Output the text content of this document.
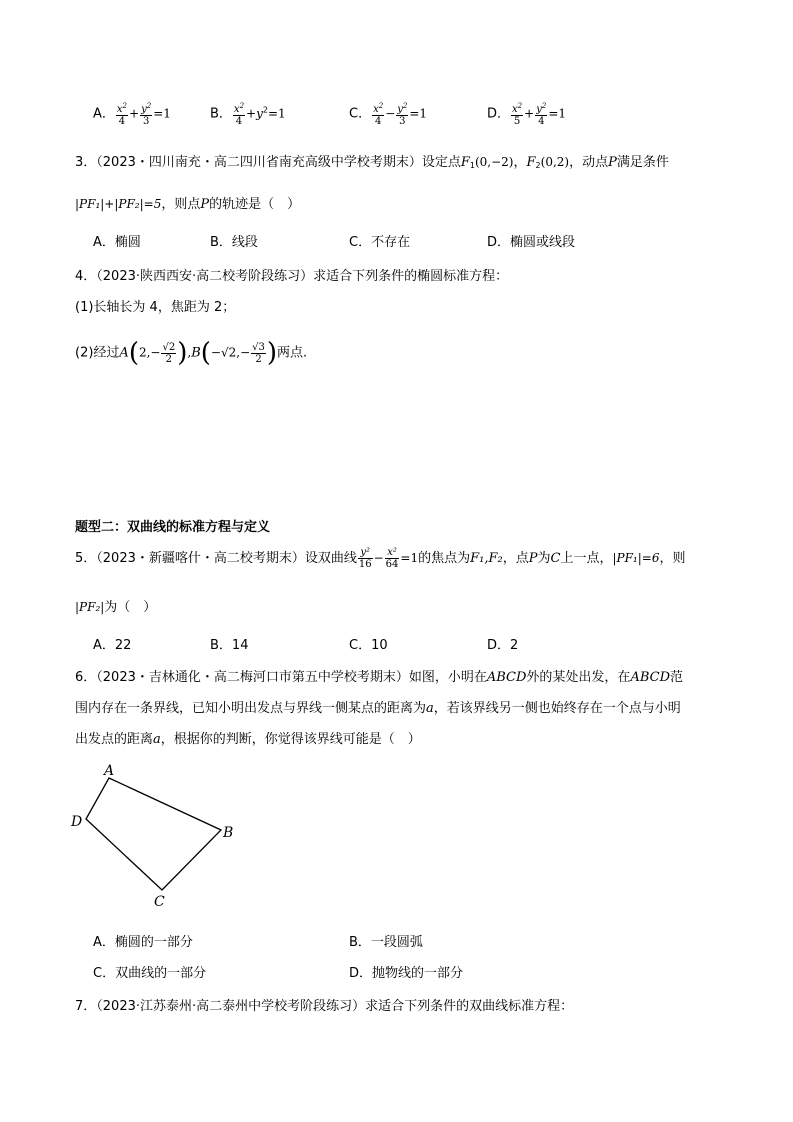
A． $\frac{x^2}{4} + \frac{y^2}{3} =1$	B． $\frac{x^2}{4} +y^2=1$	C． $\frac{x^2}{4} - \frac{y^2}{3} =1$	D． $\frac{x^2}{5} + \frac{y^2}{4} =1$
3．（2023・四川南充・高二四川省南充高级中学校考期末）设定点$F_1(0,-2)$，$F_2(0,2)$，动点P满足条件
|PF₁|+|PF₂|=5，则点P的轨迹是（　）
A．椭圆	B．线段	C．不存在	D．椭圆或线段
4．（2023·陕西西安·高二校考阶段练习）求适合下列条件的椭圆标准方程：
(1)长轴长为 4，焦距为 2；
(2)经过$A(2,- \frac{√2}{2} ),B(-√2,- \frac{√3}{2}$ )两点.
题型二：双曲线的标准方程与定义
5．（2023・新疆喀什・高二校考期末）设双曲线 $\frac{\text{y²}}{16} - \frac{\text{x²}}{64} =1$的焦点为F₁,F₂，点P为C上一点，|PF₁|=6，则
|PF₂|为（　）
A．22	B．14	C．10	D．2
6．（2023・吉林通化・高二梅河口市第五中学校考期末）如图，小明在ABCD外的某处出发，在ABCD范
围内存在一条界线，已知小明出发点与界线一侧某点的距离为a，若该界线另一侧也始终存在一个点与小明
出发点的距离a，根据你的判断，你觉得该界线可能是（　）
A
B
C
D
A．椭圆的一部分	B．一段圆弧
C．双曲线的一部分	D．抛物线的一部分
7．（2023·江苏泰州·高二泰州中学校考阶段练习）求适合下列条件的双曲线标准方程：
